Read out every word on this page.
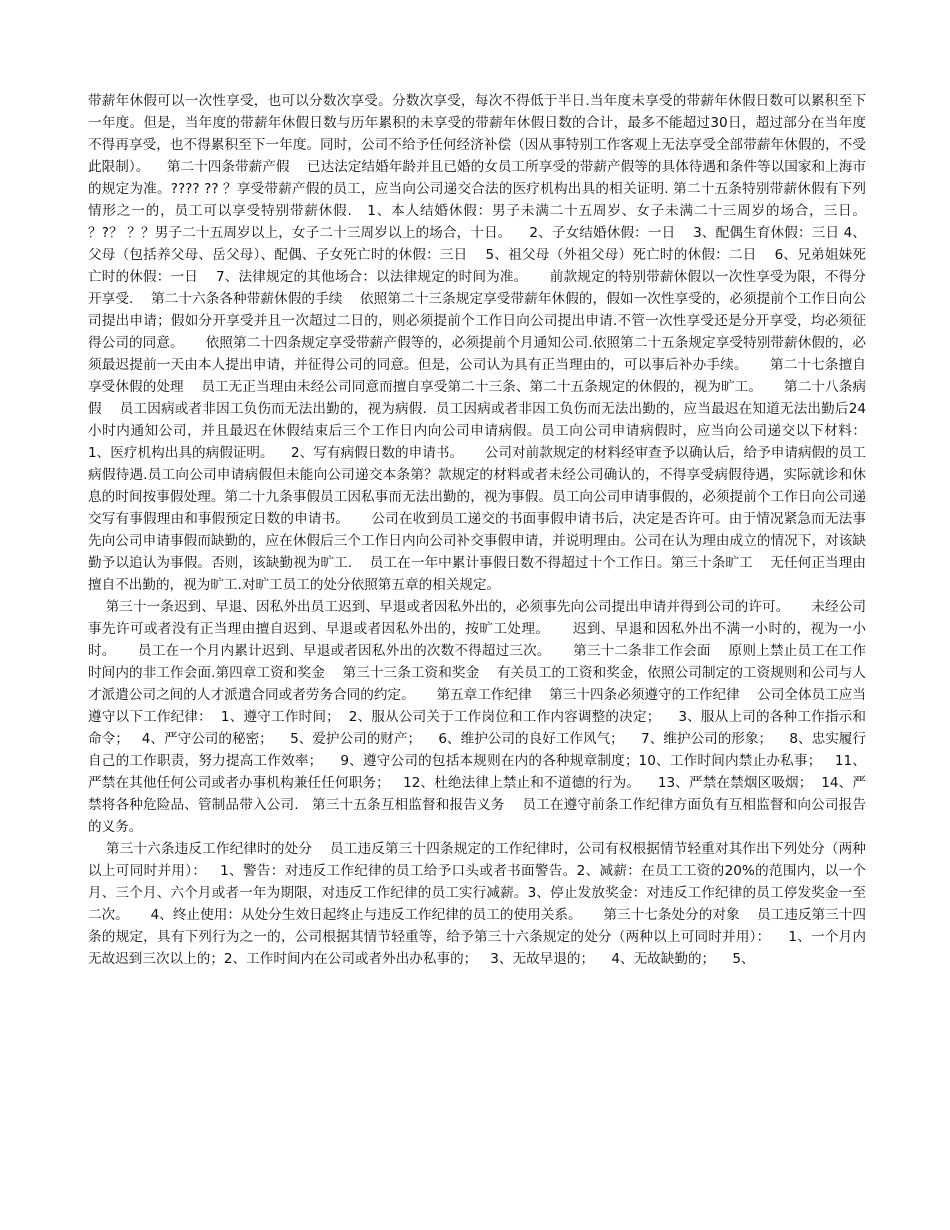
带薪年休假可以一次性享受，也可以分数次享受。分数次享受，每次不得低于半日.当年度未享受的带薪年休假日数可以累积至下一年度。但是，当年度的带薪年休假日数与历年累积的未享受的带薪年休假日数的合计，最多不能超过30日，超过部分在当年度不得再享受，也不得累积至下一年度。同时，公司不给予任何经济补偿（因从事特别工作客观上无法享受全部带薪年休假的，不受此限制）。    第二十四条带薪产假    已达法定结婚年龄并且已婚的女员工所享受的带薪产假等的具体待遇和条件等以国家和上海市的规定为准。???? ?? ？享受带薪产假的员工，应当向公司递交合法的医疗机构出具的相关证明. 第二十五条特别带薪休假有下列情形之一的，员工可以享受特别带薪休假.   1、本人结婚休假：男子未满二十五周岁、女子未满二十三周岁的场合，三日。     ？?？ ？？男子二十五周岁以上，女子二十三周岁以上的场合，十日。    2、子女结婚休假：一日    3、配偶生育休假：三日 4、父母（包括养父母、岳父母）、配偶、子女死亡时的休假：三日    5、祖父母（外祖父母）死亡时的休假：二日    6、兄弟姐妹死亡时的休假：一日    7、法律规定的其他场合：以法律规定的时间为准。     前款规定的特别带薪休假以一次性享受为限，不得分开享受.    第二十六条各种带薪休假的手续    依照第二十三条规定享受带薪年休假的，假如一次性享受的，必须提前个工作日向公司提出申请；假如分开享受并且一次超过二日的，则必须提前个工作日向公司提出申请.不管一次性享受还是分开享受，均必须征得公司的同意。     依照第二十四条规定享受带薪产假等的，必须提前个月通知公司.依照第二十五条规定享受特别带薪休假的，必须最迟提前一天由本人提出申请，并征得公司的同意。但是，公司认为具有正当理由的，可以事后补办手续。     第二十七条擅自享受休假的处理    员工无正当理由未经公司同意而擅自享受第二十三条、第二十五条规定的休假的，视为旷工。     第二十八条病假    员工因病或者非因工负伤而无法出勤的，视为病假.  员工因病或者非因工负伤而无法出勤的，应当最迟在知道无法出勤后24小时内通知公司，并且最迟在休假结束后三个工作日内向公司申请病假。员工向公司申请病假时，应当向公司递交以下材料：    1、医疗机构出具的病假证明。    2、写有病假日数的申请书。     公司对前款规定的材料经审查予以确认后，给予申请病假的员工病假待遇.员工向公司申请病假但未能向公司递交本条第？款规定的材料或者未经公司确认的，不得享受病假待遇，实际就诊和休息的时间按事假处理。第二十九条事假员工因私事而无法出勤的，视为事假。员工向公司申请事假的，必须提前个工作日向公司递交写有事假理由和事假预定日数的申请书。     公司在收到员工递交的书面事假申请书后，决定是否许可。由于情况紧急而无法事先向公司申请事假而缺勤的，应在休假后三个工作日内向公司补交事假申请，并说明理由。公司在认为理由成立的情况下，对该缺勤予以追认为事假。否则，该缺勤视为旷工.    员工在一年中累计事假日数不得超过十个工作日。第三十条旷工    无任何正当理由擅自不出勤的，视为旷工.对旷工员工的处分依照第五章的相关规定。

第三十一条迟到、早退、因私外出员工迟到、早退或者因私外出的，必须事先向公司提出申请并得到公司的许可。     未经公司事先许可或者没有正当理由擅自迟到、早退或者因私外出的，按旷工处理。     迟到、早退和因私外出不满一小时的，视为一小时。     员工在一个月内累计迟到、早退或者因私外出的次数不得超过三次。     第三十二条非工作会面    原则上禁止员工在工作时间内的非工作会面.第四章工资和奖金    第三十三条工资和奖金    有关员工的工资和奖金，依照公司制定的工资规则和公司与人才派遣公司之间的人才派遣合同或者劳务合同的约定。     第五章工作纪律    第三十四条必须遵守的工作纪律    公司全体员工应当遵守以下工作纪律：  1、遵守工作时间；  2、服从公司关于工作岗位和工作内容调整的决定；    3、服从上司的各种工作指示和命令；   4、严守公司的秘密；    5、爱护公司的财产；    6、维护公司的良好工作风气；    7、维护公司的形象；    8、忠实履行自己的工作职责，努力提高工作效率；    9、遵守公司的包括本规则在内的各种规章制度；10、工作时间内禁止办私事；   11、严禁在其他任何公司或者办事机构兼任任何职务；   12、杜绝法律上禁止和不道德的行为。    13、严禁在禁烟区吸烟；  14、严禁将各种危险品、管制品带入公司.   第三十五条互相监督和报告义务    员工在遵守前条工作纪律方面负有互相监督和向公司报告的义务。

第三十六条违反工作纪律时的处分    员工违反第三十四条规定的工作纪律时，公司有权根据情节轻重对其作出下列处分（两种以上可同时并用）：   1、警告：对违反工作纪律的员工给予口头或者书面警告。2、减薪：在员工工资的20%的范围内，以一个月、三个月、六个月或者一年为期限，对违反工作纪律的员工实行减薪。3、停止发放奖金：对违反工作纪律的员工停发奖金一至二次。     4、终止使用：从处分生效日起终止与违反工作纪律的员工的使用关系。     第三十七条处分的对象    员工违反第三十四条的规定，具有下列行为之一的，公司根据其情节轻重等，给予第三十六条规定的处分（两种以上可同时并用）：    1、一个月内无故迟到三次以上的；2、工作时间内在公司或者外出办私事的；   3、无故早退的；    4、无故缺勤的；    5、
